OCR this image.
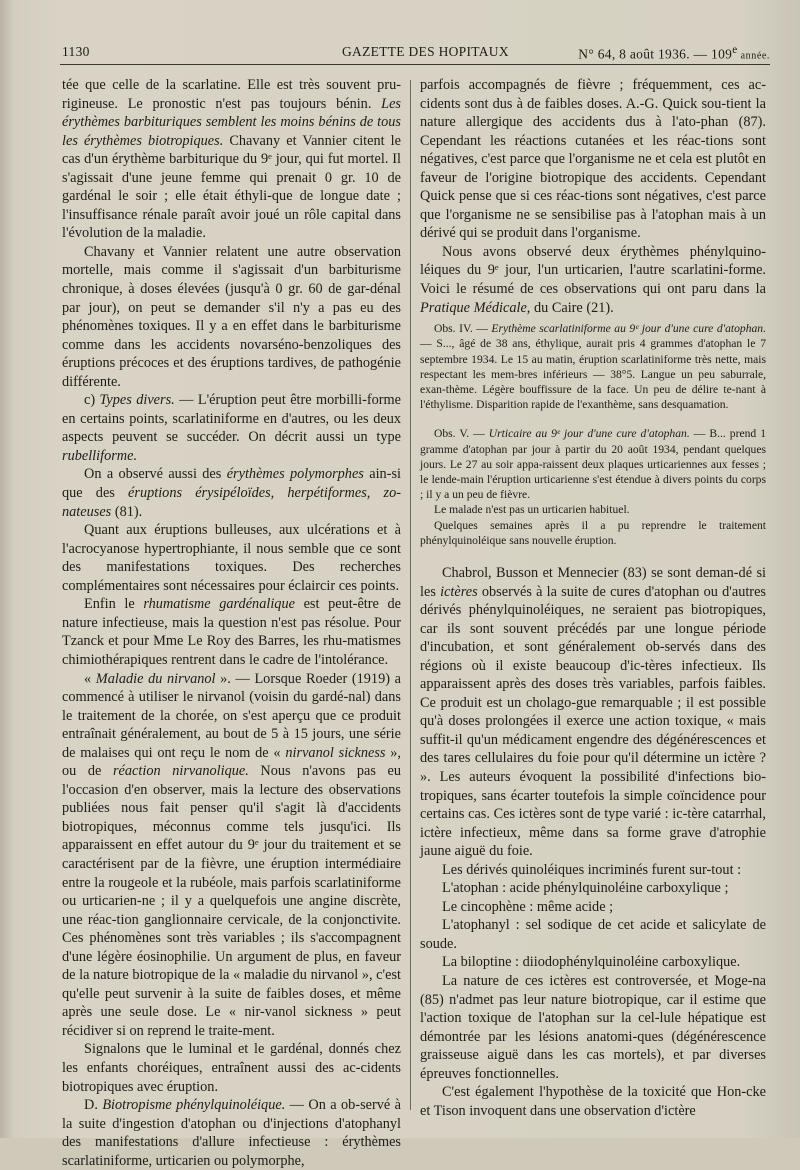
1130	GAZETTE DES HOPITAUX	N° 64, 8 août 1936. — 109e année.

tée que celle de la scarlatine. Elle est très souvent pru-rigineuse. Le pronostic n'est pas toujours bénin. Les érythèmes barbituriques semblent les moins bénins de tous les érythèmes biotropiques. Chavany et Vannier citent le cas d'un érythème barbiturique du 9ᵉ jour, qui fut mortel. Il s'agissait d'une jeune femme qui prenait 0 gr. 10 de gardénal le soir ; elle était éthyli-que de longue date ; l'insuffisance rénale paraît avoir joué un rôle capital dans l'évolution de la maladie.

Chavany et Vannier relatent une autre observation mortelle, mais comme il s'agissait d'un barbiturisme chronique, à doses élevées (jusqu'à 0 gr. 60 de gar-dénal par jour), on peut se demander s'il n'y a pas eu des phénomènes toxiques. Il y a en effet dans le barbiturisme comme dans les accidents novarséno-benzoliques des éruptions précoces et des éruptions tardives, de pathogénie différente.

c) Types divers. — L'éruption peut être morbilli-forme en certains points, scarlatiniforme en d'autres, ou les deux aspects peuvent se succéder. On décrit aussi un type rubelliforme.

On a observé aussi des érythèmes polymorphes ain-si que des éruptions érysipéloïdes, herpétiformes, zo-nateuses (81).

Quant aux éruptions bulleuses, aux ulcérations et à l'acrocyanose hypertrophiante, il nous semble que ce sont des manifestations toxiques. Des recherches complémentaires sont nécessaires pour éclaircir ces points.

Enfin le rhumatisme gardénalique est peut-être de nature infectieuse, mais la question n'est pas résolue. Pour Tzanck et pour Mme Le Roy des Barres, les rhu-matismes chimiothérapiques rentrent dans le cadre de l'intolérance.

« Maladie du nirvanol ». — Lorsque Roeder (1919) a commencé à utiliser le nirvanol (voisin du gardé-nal) dans le traitement de la chorée, on s'est aperçu que ce produit entraînait généralement, au bout de 5 à 15 jours, une série de malaises qui ont reçu le nom de « nirvanol sickness », ou de réaction nirvanolique. Nous n'avons pas eu l'occasion d'en observer, mais la lecture des observations publiées nous fait penser qu'il s'agit là d'accidents biotropiques, méconnus comme tels jusqu'ici. Ils apparaissent en effet autour du 9ᵉ jour du traitement et se caractérisent par de la fièvre, une éruption intermédiaire entre la rougeole et la rubéole, mais parfois scarlatiniforme ou urticarien-ne ; il y a quelquefois une angine discrète, une réac-tion ganglionnaire cervicale, de la conjonctivite. Ces phénomènes sont très variables ; ils s'accompagnent d'une légère éosinophilie. Un argument de plus, en faveur de la nature biotropique de la « maladie du nirvanol », c'est qu'elle peut survenir à la suite de faibles doses, et même après une seule dose. Le « nir-vanol sickness » peut récidiver si on reprend le traite-ment.

Signalons que le luminal et le gardénal, donnés chez les enfants choréiques, entraînent aussi des ac-cidents biotropiques avec éruption.

D. Biotropisme phénylquinoléique. — On a ob-servé à la suite d'ingestion d'atophan ou d'injections d'atophanyl des manifestations d'allure infectieuse : érythèmes scarlatiniforme, urticarien ou polymorphe,

parfois accompagnés de fièvre ; fréquemment, ces ac-cidents sont dus à de faibles doses. A.-G. Quick sou-tient la nature allergique des accidents dus à l'ato-phan (87). Cependant les réactions cutanées et les réac-tions sont négatives, c'est parce que l'organisme ne et cela est plutôt en faveur de l'origine biotropique des accidents. Cependant Quick pense que si ces réac-tions sont négatives, c'est parce que l'organisme ne se sensibilise pas à l'atophan mais à un dérivé qui se produit dans l'organisme.

Nous avons observé deux érythèmes phénylquino-léiques du 9ᵉ jour, l'un urticarien, l'autre scarlatini-forme. Voici le résumé de ces observations qui ont paru dans la Pratique Médicale, du Caire (21).

Obs. IV. — Erythème scarlatiniforme au 9ᵉ jour d'une cure d'atophan. — S..., âgé de 38 ans, éthylique, aurait pris 4 grammes d'atophan le 7 septembre 1934. Le 15 au matin, éruption scarlatiniforme très nette, mais respectant les mem-bres inférieurs — 38°5. Langue un peu saburrale, exan-thème. Légère bouffissure de la face. Un peu de délire te-nant à l'éthylisme. Disparition rapide de l'exanthème, sans desquamation.

Obs. V. — Urticaire au 9ᵉ jour d'une cure d'atophan. — B... prend 1 gramme d'atophan par jour à partir du 20 août 1934, pendant quelques jours. Le 27 au soir appa-raissent deux plaques urticariennes aux fesses ; le lende-main l'éruption urticarienne s'est étendue à divers points du corps ; il y a un peu de fièvre.

Le malade n'est pas un urticarien habituel.

Quelques semaines après il a pu reprendre le traitement phénylquinoléique sans nouvelle éruption.

Chabrol, Busson et Mennecier (83) se sont deman-dé si les ictères observés à la suite de cures d'atophan ou d'autres dérivés phénylquinoléiques, ne seraient pas biotropiques, car ils sont souvent précédés par une longue période d'incubation, et sont généralement ob-servés dans des régions où il existe beaucoup d'ic-tères infectieux. Ils apparaissent après des doses très variables, parfois faibles. Ce produit est un cholago-gue remarquable ; il est possible qu'à doses prolongées il exerce une action toxique, « mais suffit-il qu'un médicament engendre des dégénérescences et des tares cellulaires du foie pour qu'il détermine un ictère ? ». Les auteurs évoquent la possibilité d'infections bio-tropiques, sans écarter toutefois la simple coïncidence pour certains cas. Ces ictères sont de type varié : ic-tère catarrhal, ictère infectieux, même dans sa forme grave d'atrophie jaune aiguë du foie.

Les dérivés quinoléiques incriminés furent sur-tout :

L'atophan : acide phénylquinoléine carboxylique ;

Le cincophène : même acide ;

L'atophanyl : sel sodique de cet acide et salicylate de soude.

La biloptine : diiodophénylquinoléine carboxylique.

La nature de ces ictères est controversée, et Moge-na (85) n'admet pas leur nature biotropique, car il estime que l'action toxique de l'atophan sur la cel-lule hépatique est démontrée par les lésions anatomi-ques (dégénérescence graisseuse aiguë dans les cas mortels), et par diverses épreuves fonctionnelles.

C'est également l'hypothèse de la toxicité que Hon-cke et Tison invoquent dans une observation d'ictère
